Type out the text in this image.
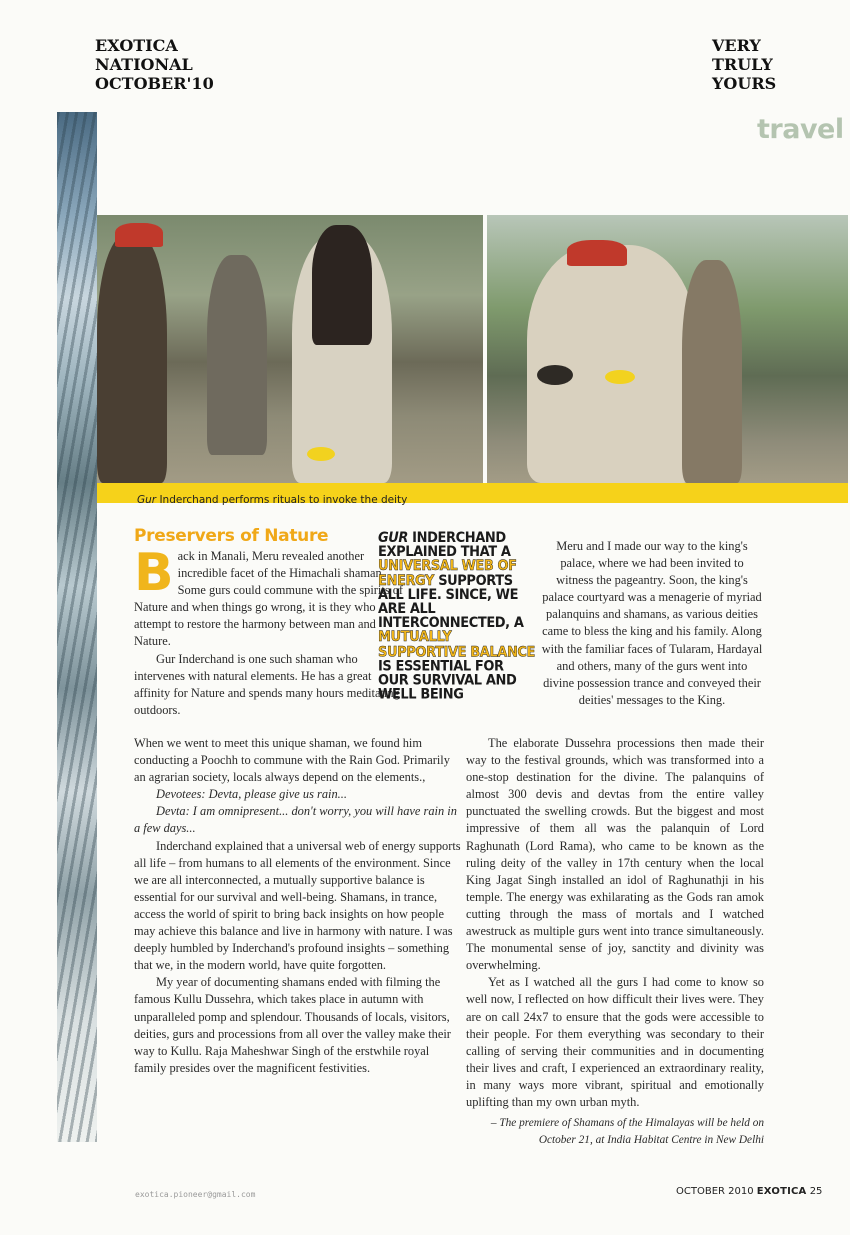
EXOTICA
NATIONAL
OCTOBER'10
VERY
TRULY
YOURS
travel
Gur Inderchand performs rituals to invoke the deity
Preservers of Nature

Back in Manali, Meru revealed another incredible facet of the Himachali shaman. Some gurs could commune with the spirits of Nature and when things go wrong, it is they who attempt to restore the harmony between man and Nature.

Gur Inderchand is one such shaman who intervenes with natural elements. He has a great affinity for Nature and spends many hours meditating outdoors.

When we went to meet this unique shaman, we found him conducting a Poochh to commune with the Rain God. Primarily an agrarian society, locals always depend on the elements.,

Devotees: Devta, please give us rain...

Devta: I am omnipresent... don't worry, you will have rain in a few days...

Inderchand explained that a universal web of energy supports all life – from humans to all elements of the environment. Since we are all interconnected, a mutually supportive balance is essential for our survival and well-being. Shamans, in trance, access the world of spirit to bring back insights on how people may achieve this balance and live in harmony with nature. I was deeply humbled by Inderchand's profound insights – something that we, in the modern world, have quite forgotten.

My year of documenting shamans ended with filming the famous Kullu Dussehra, which takes place in autumn with unparalleled pomp and splendour. Thousands of locals, visitors, deities, gurs and processions from all over the valley make their way to Kullu. Raja Maheshwar Singh of the erstwhile royal family presides over the magnificent festivities.

GUR INDERCHAND EXPLAINED THAT A UNIVERSAL WEB OF ENERGY SUPPORTS ALL LIFE. SINCE, WE ARE ALL INTERCONNECTED, A MUTUALLY SUPPORTIVE BALANCE IS ESSENTIAL FOR OUR SURVIVAL AND WELL BEING

Meru and I made our way to the king's palace, where we had been invited to witness the pageantry. Soon, the king's palace courtyard was a menagerie of myriad palanquins and shamans, as various deities came to bless the king and his family. Along with the familiar faces of Tularam, Hardayal and others, many of the gurs went into divine possession trance and conveyed their deities' messages to the King.

The elaborate Dussehra processions then made their way to the festival grounds, which was transformed into a one-stop destination for the divine. The palanquins of almost 300 devis and devtas from the entire valley punctuated the swelling crowds. But the biggest and most impressive of them all was the palanquin of Lord Raghunath (Lord Rama), who came to be known as the ruling deity of the valley in 17th century when the local King Jagat Singh installed an idol of Raghunathji in his temple. The energy was exhilarating as the Gods ran amok cutting through the mass of mortals and I watched awestruck as multiple gurs went into trance simultaneously. The monumental sense of joy, sanctity and divinity was overwhelming.

Yet as I watched all the gurs I had come to know so well now, I reflected on how difficult their lives were. They are on call 24x7 to ensure that the gods were accessible to their people. For them everything was secondary to their calling of serving their communities and in documenting their lives and craft, I experienced an extraordinary reality, in many ways more vibrant, spiritual and emotionally uplifting than my own urban myth.

– The premiere of Shamans of the Himalayas will be held on October 21, at India Habitat Centre in New Delhi

exotica.pioneer@gmail.com	OCTOBER 2010 EXOTICA 25
